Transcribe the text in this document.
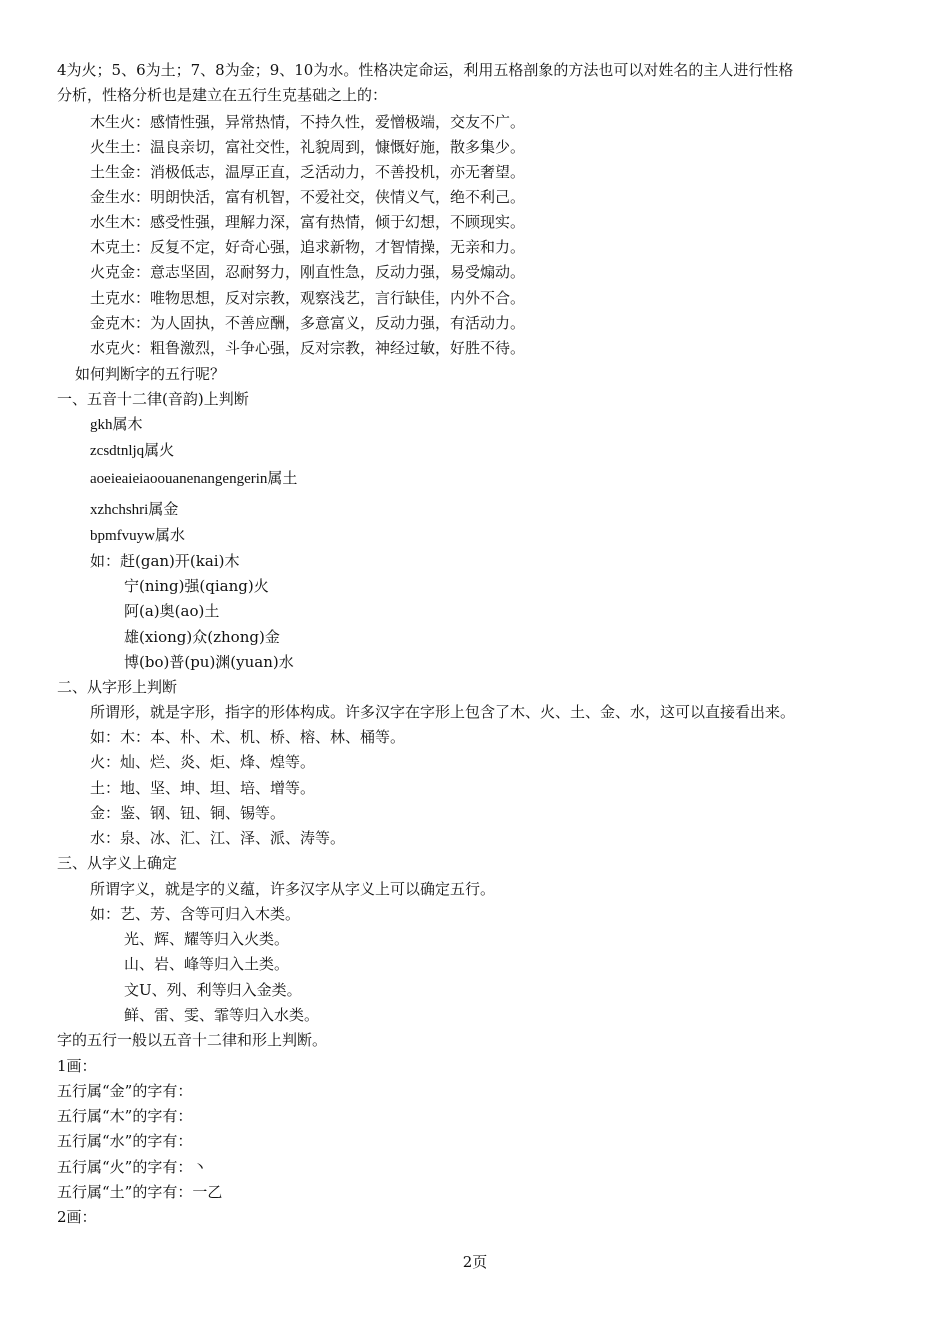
4为火；5、6为土；7、8为金；9、10为水。性格决定命运，利用五格剖象的方法也可以对姓名的主人进行性格
分析，性格分析也是建立在五行生克基础之上的：
木生火：感情性强，异常热情，不持久性，爱憎极端，交友不广。
火生土：温良亲切，富社交性，礼貌周到，慷慨好施，散多集少。
土生金：消极低志，温厚正直，乏活动力，不善投机，亦无奢望。
金生水：明朗快活，富有机智，不爱社交，侠情义气，绝不利己。
水生木：感受性强，理解力深，富有热情，倾于幻想，不顾现实。
木克土：反复不定，好奇心强，追求新物，才智情操，无亲和力。
火克金：意志坚固，忍耐努力，刚直性急，反动力强，易受煽动。
土克水：唯物思想，反对宗教，观察浅艺，言行缺佳，内外不合。
金克木：为人固执，不善应酬，多意富义，反动力强，有活动力。
水克火：粗鲁激烈，斗争心强，反对宗教，神经过敏，好胜不待。
如何判断字的五行呢？
一、五音十二律(音韵)上判断
gkh属木
zcsdtnljq属火
aoeieaieiaoouanenangengerin属土
xzhchshri属金
bpmfvuyw属水
如：赶(gan)开(kai)木
宁(ning)强(qiang)火
阿(a)奥(ao)土
雄(xiong)众(zhong)金
博(bo)普(pu)渊(yuan)水
二、从字形上判断
所谓形，就是字形，指字的形体构成。许多汉字在字形上包含了木、火、土、金、水，这可以直接看出来。
如：木：本、朴、术、机、桥、榕、林、桶等。
火：灿、烂、炎、炬、烽、煌等。
土：地、坚、坤、坦、培、增等。
金：鉴、钢、钮、铜、锡等。
水：泉、冰、汇、江、泽、派、涛等。
三、从字义上确定
所谓字义，就是字的义蕴，许多汉字从字义上可以确定五行。
如：艺、芳、含等可归入木类。
光、辉、耀等归入火类。
山、岩、峰等归入土类。
文U、列、利等归入金类。
鲜、雷、雯、霏等归入水类。
字的五行一般以五音十二律和形上判断。
1画：
五行属“金”的字有：
五行属“木”的字有：
五行属“水”的字有：
五行属“火”的字有：丶
五行属“土”的字有：一乙
2画：
2页
